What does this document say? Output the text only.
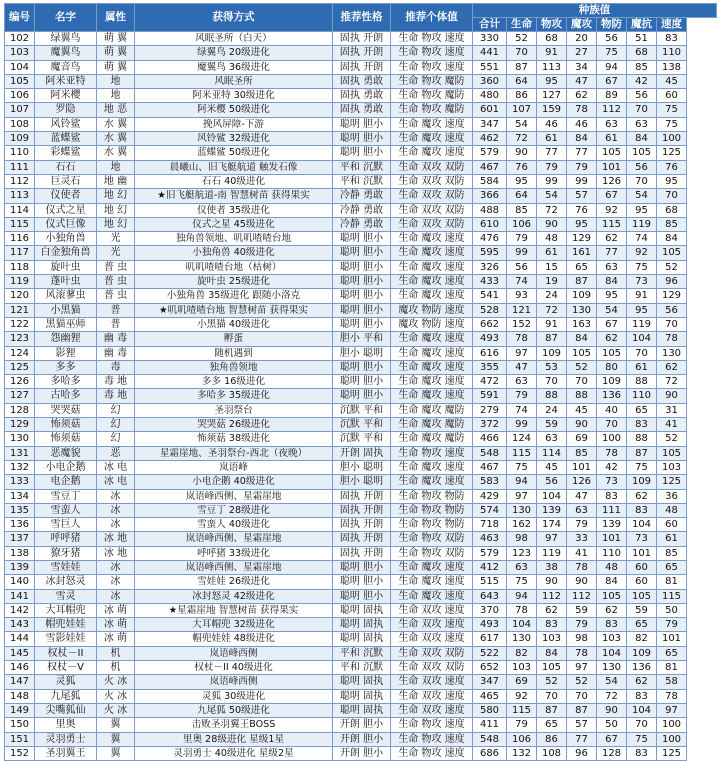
编号	名字	属性	获得方式	推荐性格	推荐个体值	种族值						
						合计	生命	物攻	魔攻	物防	魔抗	速度
102	绿翼鸟	萌 翼	风眠圣所（白天）	固执 开朗	生命 物攻 速度	330	52	68	20	56	51	83
103	魔翼鸟	萌 翼	绿翼鸟 20级进化	固执 开朗	生命 物攻 速度	441	70	91	27	75	68	110
104	魔音鸟	萌 翼	魔翼鸟 36级进化	固执 开朗	生命 物攻 速度	551	87	113	34	94	85	138
105	阿米亚特	地	风眠圣所	固执 勇敢	生命 物攻 魔防	360	64	95	47	67	42	45
106	阿米樱	地	阿米亚特 30级进化	固执 勇敢	生命 物攻 魔防	480	86	127	62	89	56	60
107	罗隐	地 恶	阿米樱 50级进化	固执 勇敢	生命 物攻 魔防	601	107	159	78	112	70	75
108	风铃鲨	水 翼	挽风屏障-下游	聪明 胆小	生命 魔攻 速度	347	54	46	46	63	63	75
109	蓝蝶鲨	水 翼	风铃鲨 32级进化	聪明 胆小	生命 魔攻 速度	462	72	61	84	61	84	100
110	彩蝶鲨	水 翼	蓝蝶鲨 50级进化	聪明 胆小	生命 魔攻 速度	579	90	77	77	105	105	125
111	石石	地	晨曦山、旧飞艇航道 触发石像	平和 沉默	生命 双攻 双防	467	76	79	79	101	56	76
112	巨灵石	地 幽	石石 40级进化	平和 沉默	生命 双攻 双防	584	95	99	99	126	70	95
113	仪使者	地 幻	★旧飞艇航道-南 智慧树苗 获得果实	冷静 勇敢	生命 双攻 双防	366	64	54	57	67	54	70
114	仪式之星	地 幻	仪使者 35级进化	冷静 勇敢	生命 双攻 双防	488	85	72	76	92	95	68
115	仪式巨像	地 幻	仪式之星 45级进化	冷静 勇敢	生命 双攻 双防	610	106	90	95	115	119	85
116	小独角兽	光	独角兽领地、叽叽喳喳台地	聪明 胆小	生命 魔攻 速度	476	79	48	129	62	74	84
117	白金独角兽	光	小独角兽 40级进化	聪明 胆小	生命 魔攻 速度	595	99	61	161	77	92	105
118	旋叶虫	普 虫	叽叽喳喳台地（枯树）	聪明 胆小	生命 魔攻 速度	326	56	15	65	63	75	52
119	蓬叶虫	普 虫	旋叶虫 25级进化	聪明 胆小	生命 魔攻 速度	433	74	19	87	84	73	96
120	风滚蓼虫	普 虫	小独角兽 35级进化 跟随小洛克	聪明 胆小	生命 魔攻 速度	541	93	24	109	95	91	129
121	小黑猫	普	★叽叽喳喳台地 智慧树苗 获得果实	聪明 胆小	魔攻 物防 速度	528	121	72	130	54	95	56
122	黑猫巫师	普	小黑猫 40级进化	聪明 胆小	魔攻 物防 速度	662	152	91	163	67	119	70
123	怨幽狸	幽 毒	孵蛋	胆小 平和	生命 魔攻 速度	493	78	87	84	62	104	78
124	影狸	幽 毒	随机遇到	胆小 聪明	生命 魔攻 速度	616	97	109	105	105	70	130
125	多多	毒	独角兽领地	聪明 胆小	生命 魔攻 速度	355	47	53	52	80	61	62
126	多哈多	毒 地	多多 16级进化	聪明 胆小	生命 魔攻 速度	472	63	70	70	109	88	72
127	古哈多	毒 地	多哈多 35级进化	聪明 胆小	生命 魔攻 速度	591	79	88	88	136	110	90
128	哭哭菇	幻	圣羽祭台	沉默 平和	生命 魔攻 魔防	279	74	24	45	40	65	31
129	怖须菇	幻	哭哭菇 26级进化	沉默 平和	生命 魔攻 魔防	372	99	59	90	70	83	41
130	怖须菇	幻	怖须菇 38级进化	沉默 平和	生命 魔攻 魔防	466	124	63	69	100	88	52
131	恶魔貌	恶	星霜崖地、圣羽祭台-西北（夜晚）	开朗 固执	生命 物攻 速度	548	115	114	85	78	87	105
132	小电企鹅	冰 电	岚语峰	胆小 聪明	生命 魔攻 速度	467	75	45	101	42	75	103
133	电企鹅	冰 电	小电企鹅 40级进化	胆小 聪明	生命 魔攻 速度	583	94	56	126	73	109	125
134	雪豆丁	冰	岚语峰西侧、星霜崖地	固执 开朗	生命 物攻 物防	429	97	104	47	83	62	36
135	雪蛮人	冰	雪豆丁 28级进化	固执 开朗	生命 物攻 物防	574	130	139	63	111	83	48
136	雪巨人	冰	雪蛮人 40级进化	固执 开朗	生命 物攻 物防	718	162	174	79	139	104	60
137	呼呼猪	冰 地	岚语峰西侧、星霜崖地	固执 开朗	生命 物攻 双防	463	98	97	33	101	73	61
138	獠牙猪	冰 地	呼呼猪 33级进化	固执 开朗	生命 物攻 双防	579	123	119	41	110	101	85
139	雪娃娃	冰	岚语峰西侧、星霜崖地	聪明 胆小	生命 魔攻 速度	412	63	38	78	48	60	65
140	冰封怒灵	冰	雪娃娃 26级进化	聪明 胆小	生命 魔攻 速度	515	75	90	90	84	60	81
141	雪灵	冰	冰封怒灵 42级进化	聪明 胆小	生命 魔攻 速度	643	94	112	112	105	105	115
142	大耳帽兜	冰 萌	★星霜崖地 智慧树苗 获得果实	聪明 固执	生命 双攻 速度	370	78	62	59	62	59	50
143	帽兜娃娃	冰 萌	大耳帽兜 32级进化	聪明 固执	生命 双攻 速度	493	104	83	79	83	65	79
144	雪影娃娃	冰 萌	帽兜娃娃 48级进化	聪明 固执	生命 双攻 速度	617	130	103	98	103	82	101
145	权杖－II	机	岚语峰西侧	平和 沉默	生命 双攻 双防	522	82	84	78	104	109	65
146	权杖－V	机	权杖－II 40级进化	平和 沉默	生命 双攻 双防	652	103	105	97	130	136	81
147	灵狐	火 冰	岚语峰西侧	聪明 固执	生命 双攻 速度	347	69	52	52	54	62	58
148	九尾狐	火 冰	灵狐 30级进化	聪明 固执	生命 双攻 速度	465	92	70	70	72	83	78
149	尖嘴狐仙	火 冰	九尾狐 50级进化	聪明 固执	生命 双攻 速度	580	115	87	87	90	104	97
150	里奥	翼	击败圣羽翼王BOSS	开朗 胆小	生命 物攻 速度	411	79	65	57	50	70	100
151	灵羽勇士	翼	里奥 28级进化 星级1星	开朗 胆小	生命 物攻 速度	548	106	86	77	67	75	100
152	圣羽翼王	翼	灵羽勇士 40级进化 星级2星	开朗 胆小	生命 物攻 速度	686	132	108	96	128	83	125
